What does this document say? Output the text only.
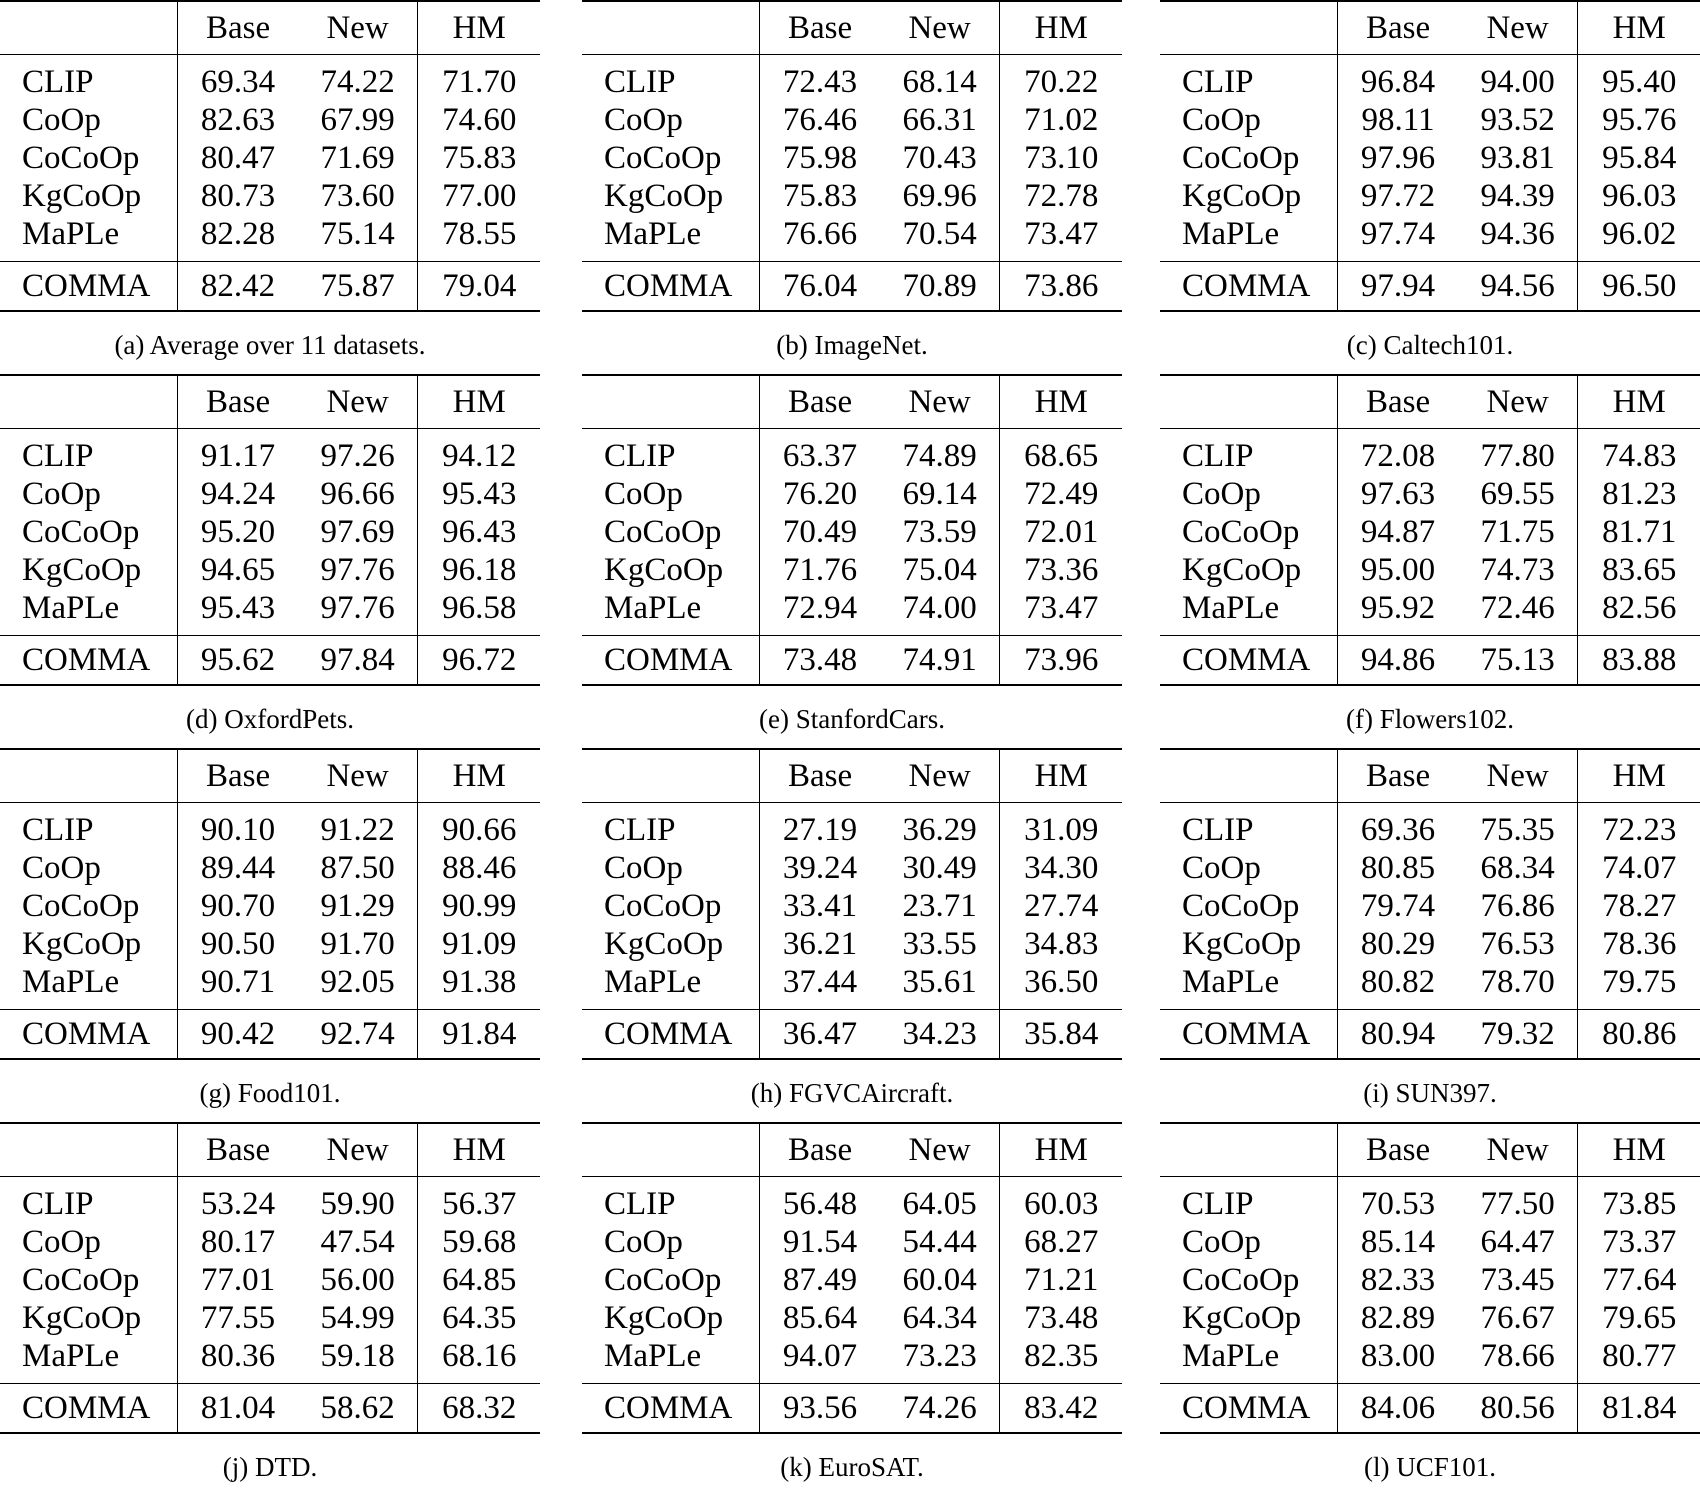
	Base	New	HM
CLIP	69.34	74.22	71.70
CoOp	82.63	67.99	74.60
CoCoOp	80.47	71.69	75.83
KgCoOp	80.73	73.60	77.00
MaPLe	82.28	75.14	78.55
COMMA	82.42	75.87	79.04
(a) Average over 11 datasets.
	Base	New	HM
CLIP	72.43	68.14	70.22
CoOp	76.46	66.31	71.02
CoCoOp	75.98	70.43	73.10
KgCoOp	75.83	69.96	72.78
MaPLe	76.66	70.54	73.47
COMMA	76.04	70.89	73.86
(b) ImageNet.
	Base	New	HM
CLIP	96.84	94.00	95.40
CoOp	98.11	93.52	95.76
CoCoOp	97.96	93.81	95.84
KgCoOp	97.72	94.39	96.03
MaPLe	97.74	94.36	96.02
COMMA	97.94	94.56	96.50
(c) Caltech101.
	Base	New	HM
CLIP	91.17	97.26	94.12
CoOp	94.24	96.66	95.43
CoCoOp	95.20	97.69	96.43
KgCoOp	94.65	97.76	96.18
MaPLe	95.43	97.76	96.58
COMMA	95.62	97.84	96.72
(d) OxfordPets.
	Base	New	HM
CLIP	63.37	74.89	68.65
CoOp	76.20	69.14	72.49
CoCoOp	70.49	73.59	72.01
KgCoOp	71.76	75.04	73.36
MaPLe	72.94	74.00	73.47
COMMA	73.48	74.91	73.96
(e) StanfordCars.
	Base	New	HM
CLIP	72.08	77.80	74.83
CoOp	97.63	69.55	81.23
CoCoOp	94.87	71.75	81.71
KgCoOp	95.00	74.73	83.65
MaPLe	95.92	72.46	82.56
COMMA	94.86	75.13	83.88
(f) Flowers102.
	Base	New	HM
CLIP	90.10	91.22	90.66
CoOp	89.44	87.50	88.46
CoCoOp	90.70	91.29	90.99
KgCoOp	90.50	91.70	91.09
MaPLe	90.71	92.05	91.38
COMMA	90.42	92.74	91.84
(g) Food101.
	Base	New	HM
CLIP	27.19	36.29	31.09
CoOp	39.24	30.49	34.30
CoCoOp	33.41	23.71	27.74
KgCoOp	36.21	33.55	34.83
MaPLe	37.44	35.61	36.50
COMMA	36.47	34.23	35.84
(h) FGVCAircraft.
	Base	New	HM
CLIP	69.36	75.35	72.23
CoOp	80.85	68.34	74.07
CoCoOp	79.74	76.86	78.27
KgCoOp	80.29	76.53	78.36
MaPLe	80.82	78.70	79.75
COMMA	80.94	79.32	80.86
(i) SUN397.
	Base	New	HM
CLIP	53.24	59.90	56.37
CoOp	80.17	47.54	59.68
CoCoOp	77.01	56.00	64.85
KgCoOp	77.55	54.99	64.35
MaPLe	80.36	59.18	68.16
COMMA	81.04	58.62	68.32
(j) DTD.
	Base	New	HM
CLIP	56.48	64.05	60.03
CoOp	91.54	54.44	68.27
CoCoOp	87.49	60.04	71.21
KgCoOp	85.64	64.34	73.48
MaPLe	94.07	73.23	82.35
COMMA	93.56	74.26	83.42
(k) EuroSAT.
	Base	New	HM
CLIP	70.53	77.50	73.85
CoOp	85.14	64.47	73.37
CoCoOp	82.33	73.45	77.64
KgCoOp	82.89	76.67	79.65
MaPLe	83.00	78.66	80.77
COMMA	84.06	80.56	81.84
(l) UCF101.
